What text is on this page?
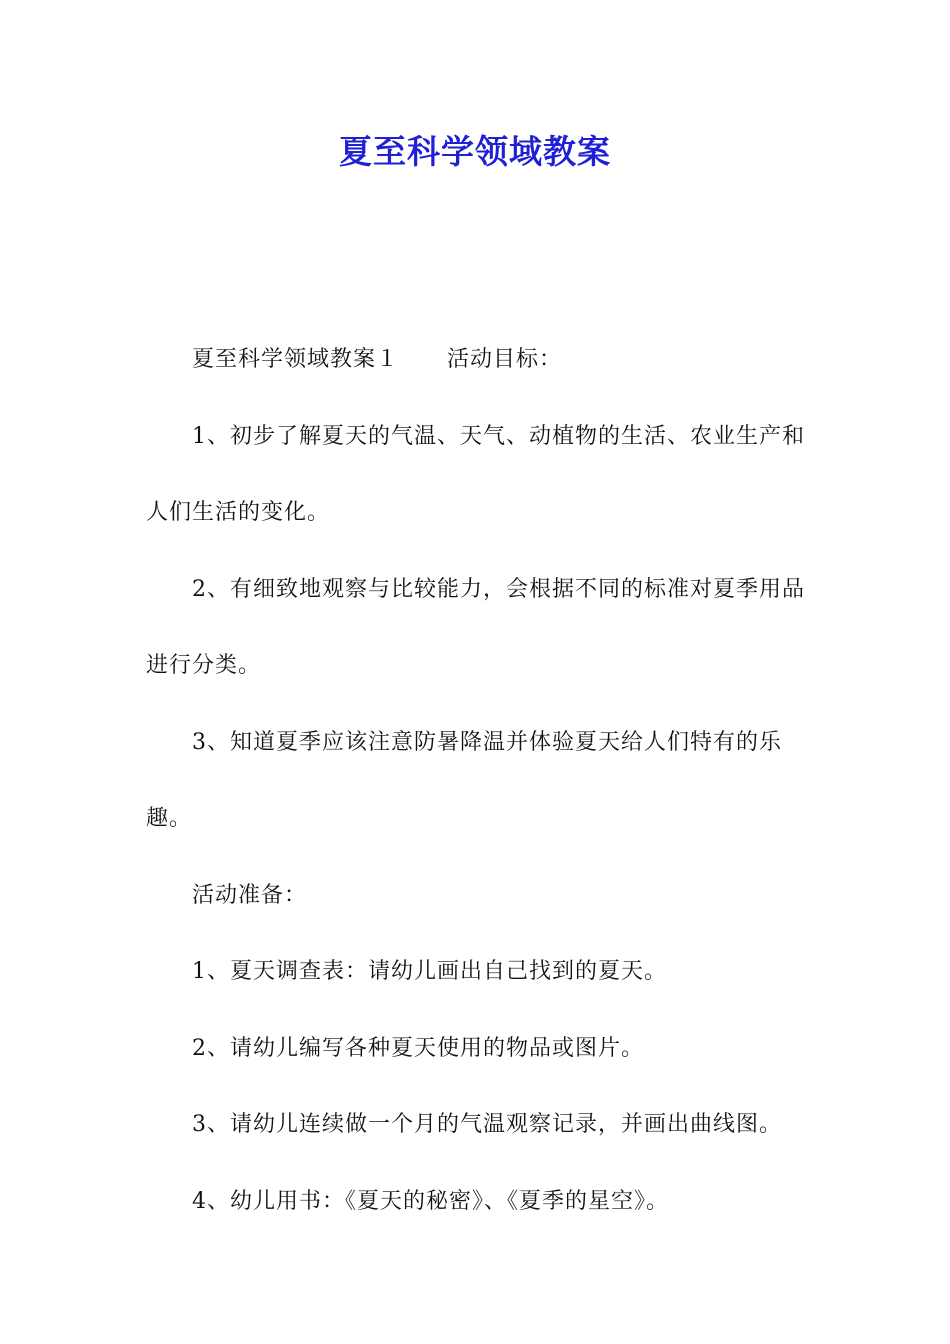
夏至科学领域教案

夏至科学领域教案１ 活动目标：

1、初步了解夏天的气温、天气、动植物的生活、农业生产和人们生活的变化。

2、有细致地观察与比较能力，会根据不同的标准对夏季用品进行分类。

3、知道夏季应该注意防暑降温并体验夏天给人们特有的乐趣。

活动准备：

1、夏天调查表：请幼儿画出自己找到的夏天。

2、请幼儿编写各种夏天使用的物品或图片。

3、请幼儿连续做一个月的气温观察记录，并画出曲线图。

4、幼儿用书：《夏天的秘密》、《夏季的星空》。
